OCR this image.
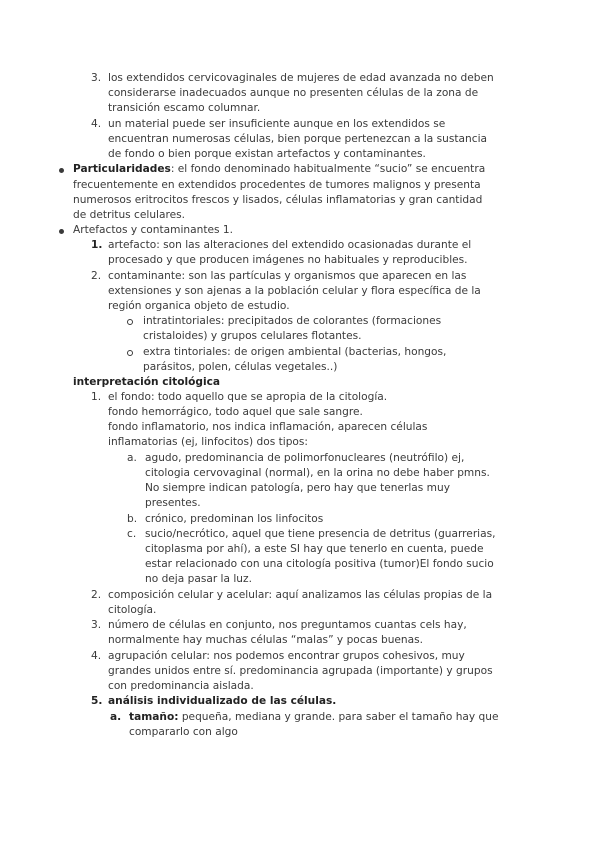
3. los extendidos cervicovaginales de mujeres de edad avanzada no deben
considerarse inadecuados aunque no presenten células de la zona de
transición escamo columnar.
4. un material puede ser insuficiente aunque en los extendidos se
encuentran numerosas células, bien porque pertenezcan a la sustancia
de fondo o bien porque existan artefactos y contaminantes.
Particularidades: el fondo denominado habitualmente “sucio” se encuentra
frecuentemente en extendidos procedentes de tumores malignos y presenta
numerosos eritrocitos frescos y lisados, células inflamatorias y gran cantidad
de detritus celulares.
Artefactos y contaminantes 1.
1. artefacto: son las alteraciones del extendido ocasionadas durante el
procesado y que producen imágenes no habituales y reproducibles.
2. contaminante: son las partículas y organismos que aparecen en las
extensiones y son ajenas a la población celular y flora específica de la
región organica objeto de estudio.
intratintoriales: precipitados de colorantes (formaciones
cristaloides) y grupos celulares flotantes.
extra tintoriales: de origen ambiental (bacterias, hongos,
parásitos, polen, células vegetales..)
interpretación citológica
1. el fondo: todo aquello que se apropia de la citología.
fondo hemorrágico, todo aquel que sale sangre.
fondo inflamatorio, nos indica inflamación, aparecen células
inflamatorias (ej, linfocitos) dos tipos:
a. agudo, predominancia de polimorfonucleares (neutrófilo) ej,
citologia cervovaginal (normal), en la orina no debe haber pmns.
No siempre indican patología, pero hay que tenerlas muy
presentes.
b. crónico, predominan los linfocitos
c. sucio/necrótico, aquel que tiene presencia de detritus (guarrerias,
citoplasma por ahí), a este SI hay que tenerlo en cuenta, puede
estar relacionado con una citología positiva (tumor)El fondo sucio
no deja pasar la luz.
2. composición celular y acelular: aquí analizamos las células propias de la
citología.
3. número de células en conjunto, nos preguntamos cuantas cels hay,
normalmente hay muchas células “malas” y pocas buenas.
4. agrupación celular: nos podemos encontrar grupos cohesivos, muy
grandes unidos entre sí. predominancia agrupada (importante) y grupos
con predominancia aislada.
5. análisis individualizado de las células.
a. tamaño: pequeña, mediana y grande. para saber el tamaño hay que
compararlo con algo
